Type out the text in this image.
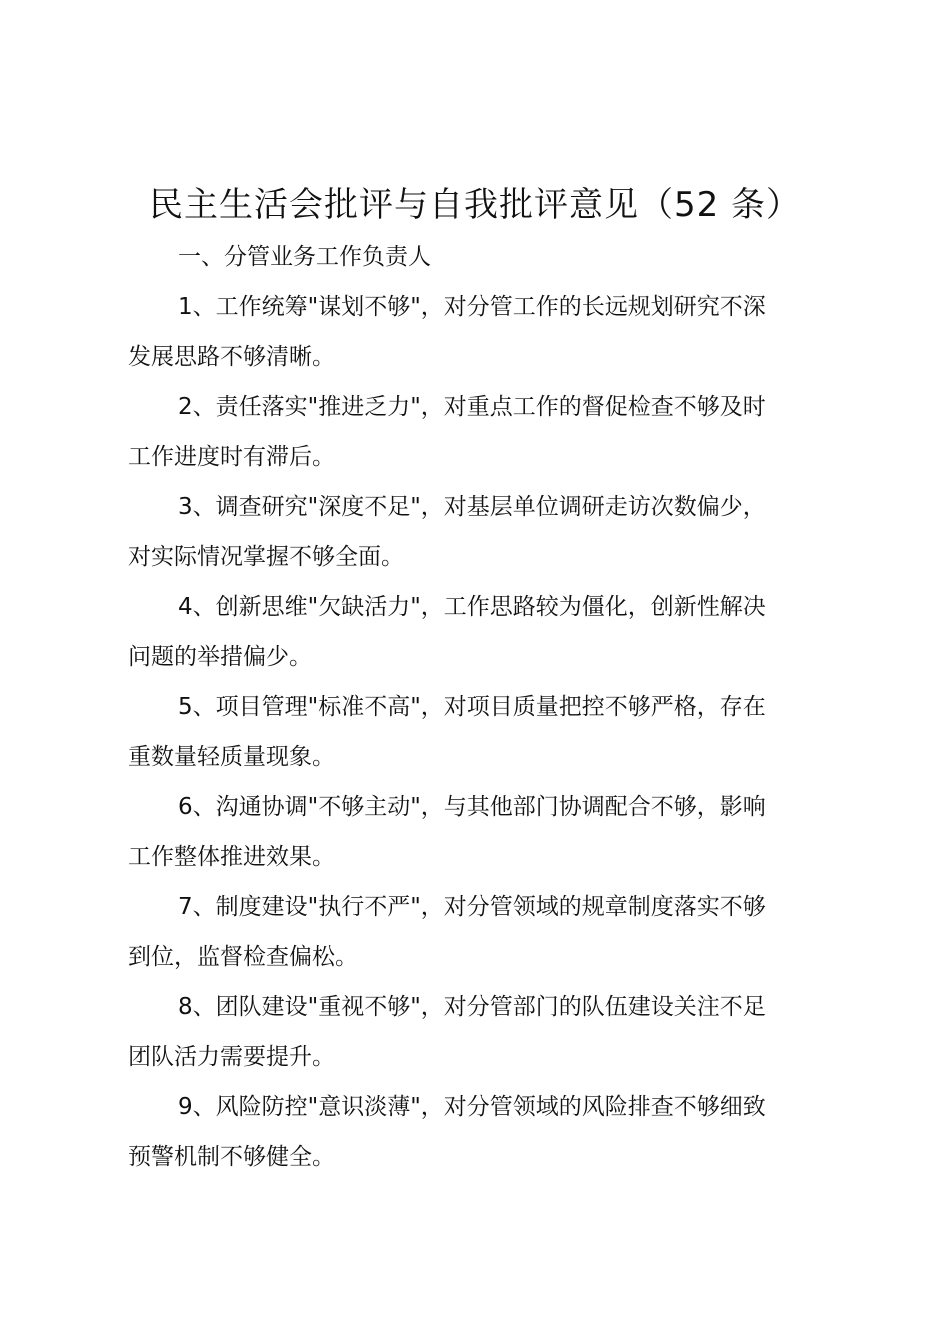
民主生活会批评与自我批评意见（52 条）

一、分管业务工作负责人

1、工作统筹"谋划不够"，对分管工作的长远规划研究不深
发展思路不够清晰。
2、责任落实"推进乏力"，对重点工作的督促检查不够及时
工作进度时有滞后。
3、调查研究"深度不足"，对基层单位调研走访次数偏少，
对实际情况掌握不够全面。
4、创新思维"欠缺活力"，工作思路较为僵化，创新性解决
问题的举措偏少。
5、项目管理"标准不高"，对项目质量把控不够严格，存在
重数量轻质量现象。
6、沟通协调"不够主动"，与其他部门协调配合不够，影响
工作整体推进效果。
7、制度建设"执行不严"，对分管领域的规章制度落实不够
到位，监督检查偏松。
8、团队建设"重视不够"，对分管部门的队伍建设关注不足
团队活力需要提升。
9、风险防控"意识淡薄"，对分管领域的风险排查不够细致
预警机制不够健全。
